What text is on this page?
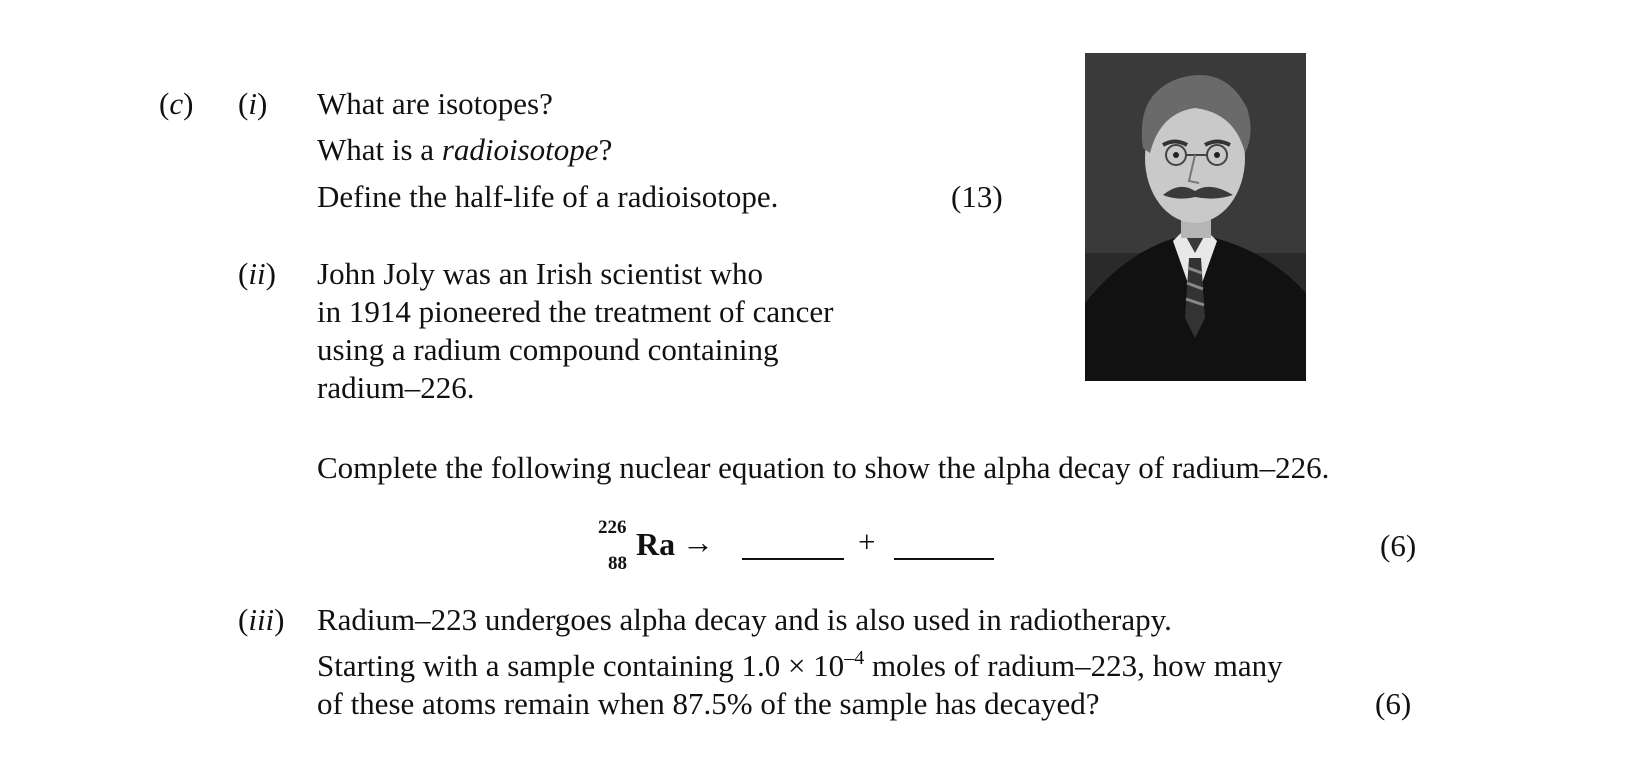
(c) (i) What are isotopes?
What is a radioisotope?
Define the half-life of a radioisotope.	(13)
(ii) John Joly was an Irish scientist who
in 1914 pioneered the treatment of cancer
using a radium compound containing
radium–226.
Complete the following nuclear equation to show the alpha decay of radium–226.
226
88
Ra →	+	(6)
(iii) Radium–223 undergoes alpha decay and is also used in radiotherapy.
Starting with a sample containing $1.0 \times 10^{-4}$ moles of radium–223, how many
of these atoms remain when 87.5% of the sample has decayed?	(6)
